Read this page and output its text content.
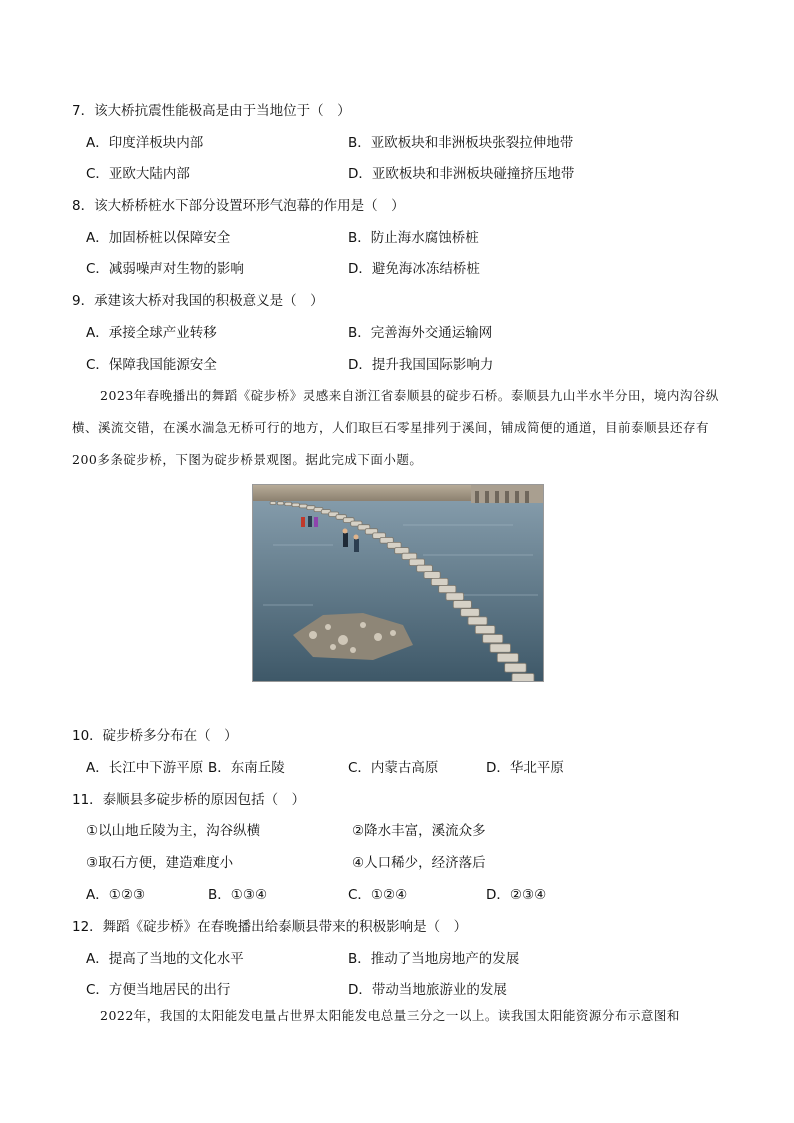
7．该大桥抗震性能极高是由于当地位于（　）
A．印度洋板块内部	B．亚欧板块和非洲板块张裂拉伸地带
C．亚欧大陆内部	D．亚欧板块和非洲板块碰撞挤压地带
8．该大桥桥桩水下部分设置环形气泡幕的作用是（　）
A．加固桥桩以保障安全	B．防止海水腐蚀桥桩
C．减弱噪声对生物的影响	D．避免海冰冻结桥桩
9．承建该大桥对我国的积极意义是（　）
A．承接全球产业转移	B．完善海外交通运输网
C．保障我国能源安全	D．提升我国国际影响力
2023年春晚播出的舞蹈《碇步桥》灵感来自浙江省泰顺县的碇步石桥。泰顺县九山半水半分田，境内沟谷纵横、溪流交错，在溪水湍急无桥可行的地方，人们取巨石零星排列于溪间，铺成简便的通道，目前泰顺县还存有200多条碇步桥，下图为碇步桥景观图。据此完成下面小题。
10．碇步桥多分布在（　）
A．长江中下游平原 B．东南丘陵	C．内蒙古高原	D．华北平原
11．泰顺县多碇步桥的原因包括（　）
①以山地丘陵为主，沟谷纵横	②降水丰富，溪流众多
③取石方便，建造难度小	④人口稀少，经济落后
A．①②③	B．①③④	C．①②④	D．②③④
12．舞蹈《碇步桥》在春晚播出给泰顺县带来的积极影响是（　）
A．提高了当地的文化水平	B．推动了当地房地产的发展
C．方便当地居民的出行	D．带动当地旅游业的发展
2022年，我国的太阳能发电量占世界太阳能发电总量三分之一以上。读我国太阳能资源分布示意图和
